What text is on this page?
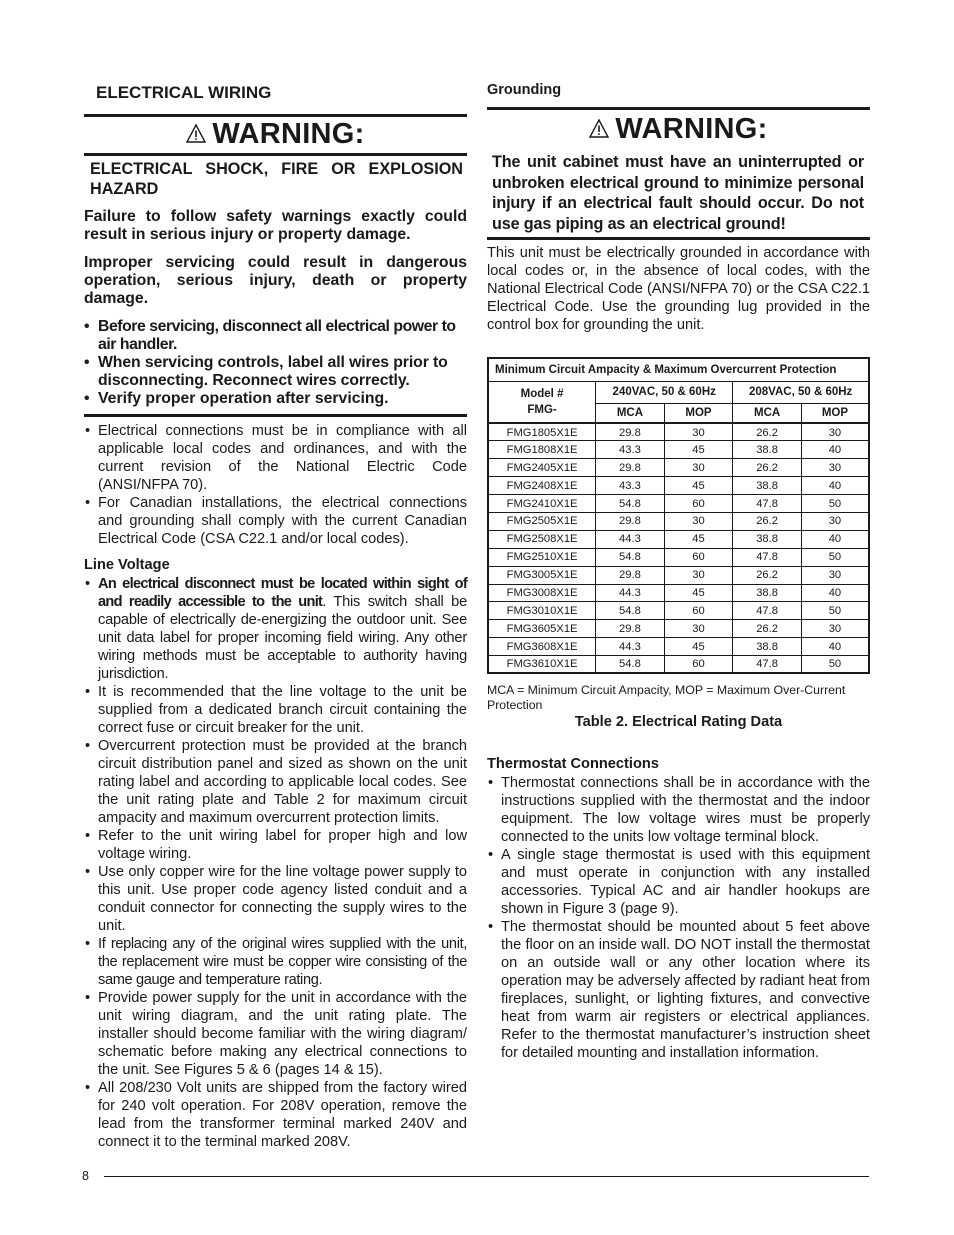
ELECTRICAL WIRING
WARNING:
ELECTRICAL SHOCK, FIRE OR EXPLOSION HAZARD
Failure to follow safety warnings exactly could result in serious injury or property damage.
Improper servicing could result in dangerous operation, serious injury, death or property damage.
• Before servicing, disconnect all electrical power to air handler.
• When servicing controls, label all wires prior to disconnecting. Reconnect wires correctly.
• Verify proper operation after servicing.
• Electrical connections must be in compliance with all applicable local codes and ordinances, and with the current revision of the National Electric Code (ANSI/NFPA 70).
• For Canadian installations, the electrical connections and grounding shall comply with the current Canadian Electrical Code (CSA C22.1 and/or local codes).
Line Voltage
• An electrical disconnect must be located within sight of and readily accessible to the unit. This switch shall be capable of electrically de-energizing the outdoor unit. See unit data label for proper incoming field wiring. Any other wiring methods must be acceptable to authority having jurisdiction.
• It is recommended that the line voltage to the unit be supplied from a dedicated branch circuit containing the correct fuse or circuit breaker for the unit.
• Overcurrent protection must be provided at the branch circuit distribution panel and sized as shown on the unit rating label and according to applicable local codes. See the unit rating plate and Table 2 for maximum circuit ampacity and maximum overcurrent protection limits.
• Refer to the unit wiring label for proper high and low voltage wiring.
• Use only copper wire for the line voltage power supply to this unit. Use proper code agency listed conduit and a conduit connector for connecting the supply wires to the unit.
• If replacing any of the original wires supplied with the unit, the replacement wire must be copper wire consisting of the same gauge and temperature rating.
• Provide power supply for the unit in accordance with the unit wiring diagram, and the unit rating plate. The installer should become familiar with the wiring diagram/ schematic before making any electrical connections to the unit. See Figures 5 & 6 (pages 14 & 15).
• All 208/230 Volt units are shipped from the factory wired for 240 volt operation. For 208V operation, remove the lead from the transformer terminal marked 240V and connect it to the terminal marked 208V.
Grounding
WARNING:
The unit cabinet must have an uninterrupted or unbroken electrical ground to minimize personal injury if an electrical fault should occur. Do not use gas piping as an electrical ground!
This unit must be electrically grounded in accordance with local codes or, in the absence of local codes, with the National Electrical Code (ANSI/NFPA 70) or the CSA C22.1 Electrical Code. Use the grounding lug provided in the control box for grounding the unit.
Minimum Circuit Ampacity & Maximum Overcurrent Protection				
Model #
FMG-	240VAC, 50 & 60Hz		208VAC, 50 & 60Hz	
	MCA	MOP	MCA	MOP
FMG1805X1E	29.8	30	26.2	30
FMG1808X1E	43.3	45	38.8	40
FMG2405X1E	29.8	30	26.2	30
FMG2408X1E	43.3	45	38.8	40
FMG2410X1E	54.8	60	47.8	50
FMG2505X1E	29.8	30	26.2	30
FMG2508X1E	44.3	45	38.8	40
FMG2510X1E	54.8	60	47.8	50
FMG3005X1E	29.8	30	26.2	30
FMG3008X1E	44.3	45	38.8	40
FMG3010X1E	54.8	60	47.8	50
FMG3605X1E	29.8	30	26.2	30
FMG3608X1E	44.3	45	38.8	40
FMG3610X1E	54.8	60	47.8	50
MCA = Minimum Circuit Ampacity, MOP = Maximum Over-Current Protection
Table 2. Electrical Rating Data
Thermostat Connections
• Thermostat connections shall be in accordance with the instructions supplied with the thermostat and the indoor equipment. The low voltage wires must be properly connected to the units low voltage terminal block.
• A single stage thermostat is used with this equipment and must operate in conjunction with any installed accessories. Typical AC and air handler hookups are shown in Figure 3 (page 9).
• The thermostat should be mounted about 5 feet above the floor on an inside wall. DO NOT install the thermostat on an outside wall or any other location where its operation may be adversely affected by radiant heat from fireplaces, sunlight, or lighting fixtures, and convective heat from warm air registers or electrical appliances. Refer to the thermostat manufacturer’s instruction sheet for detailed mounting and installation information.
8
